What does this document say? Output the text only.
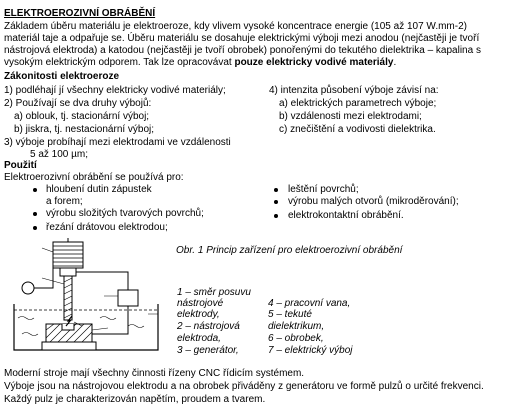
ELEKTROEROZIVNÍ OBRÁBĚNÍ
Základem úběru materiálu je elektroeroze, kdy vlivem vysoké koncentrace energie (105 až 107 W.mm-2)
materiál taje a odpařuje se. Úběru materiálu se dosahuje elektrickými výboji mezi anodou (nejčastěji je tvoří
nástrojová elektroda) a katodou (nejčastěji je tvoří obrobek) ponořenými do tekutého dielektrika – kapalina s
vysokým elektrickým odporem. Tak lze opracovávat pouze elektricky vodivé materiály.
Zákonitosti elektroeroze
1) podléhají jí všechny elektricky vodivé materiály;
2) Používají se dva druhy výbojů:
a) oblouk, tj. stacionární výboj;
b) jiskra, tj. nestacionární výboj;
3) výboje probíhají mezi elektrodami ve vzdálenosti
5 až 100 µm;
4) intenzita působení výboje závisí na:
a) elektrických parametrech výboje;
b) vzdálenosti mezi elektrodami;
c) znečištění a vodivosti dielektrika.
Použití
Elektroerozivní obrábění se používá pro:
hloubení dutin zápustek
a forem;
výrobu složitých tvarových povrchů;
řezání drátovou elektrodou;
leštění povrchů;
výrobu malých otvorů (mikroděrování);
elektrokontaktní obrábění.
Obr. 1 Princip zařízení pro elektroerozivní obrábění
1 – směr posuvu
nástrojové
elektrody,
2 – nástrojová
elektroda,
3 – generátor,
4 – pracovní vana,
5 – tekuté
dielektrikum,
6 – obrobek,
7 – elektrický výboj
Moderní stroje mají všechny činnosti řízeny CNC řídicím systémem.
Výboje jsou na nástrojovou elektrodu a na obrobek přiváděny z generátoru ve formě pulzů o určité frekvenci.
Každý pulz je charakterizován napětím, proudem a tvarem.
